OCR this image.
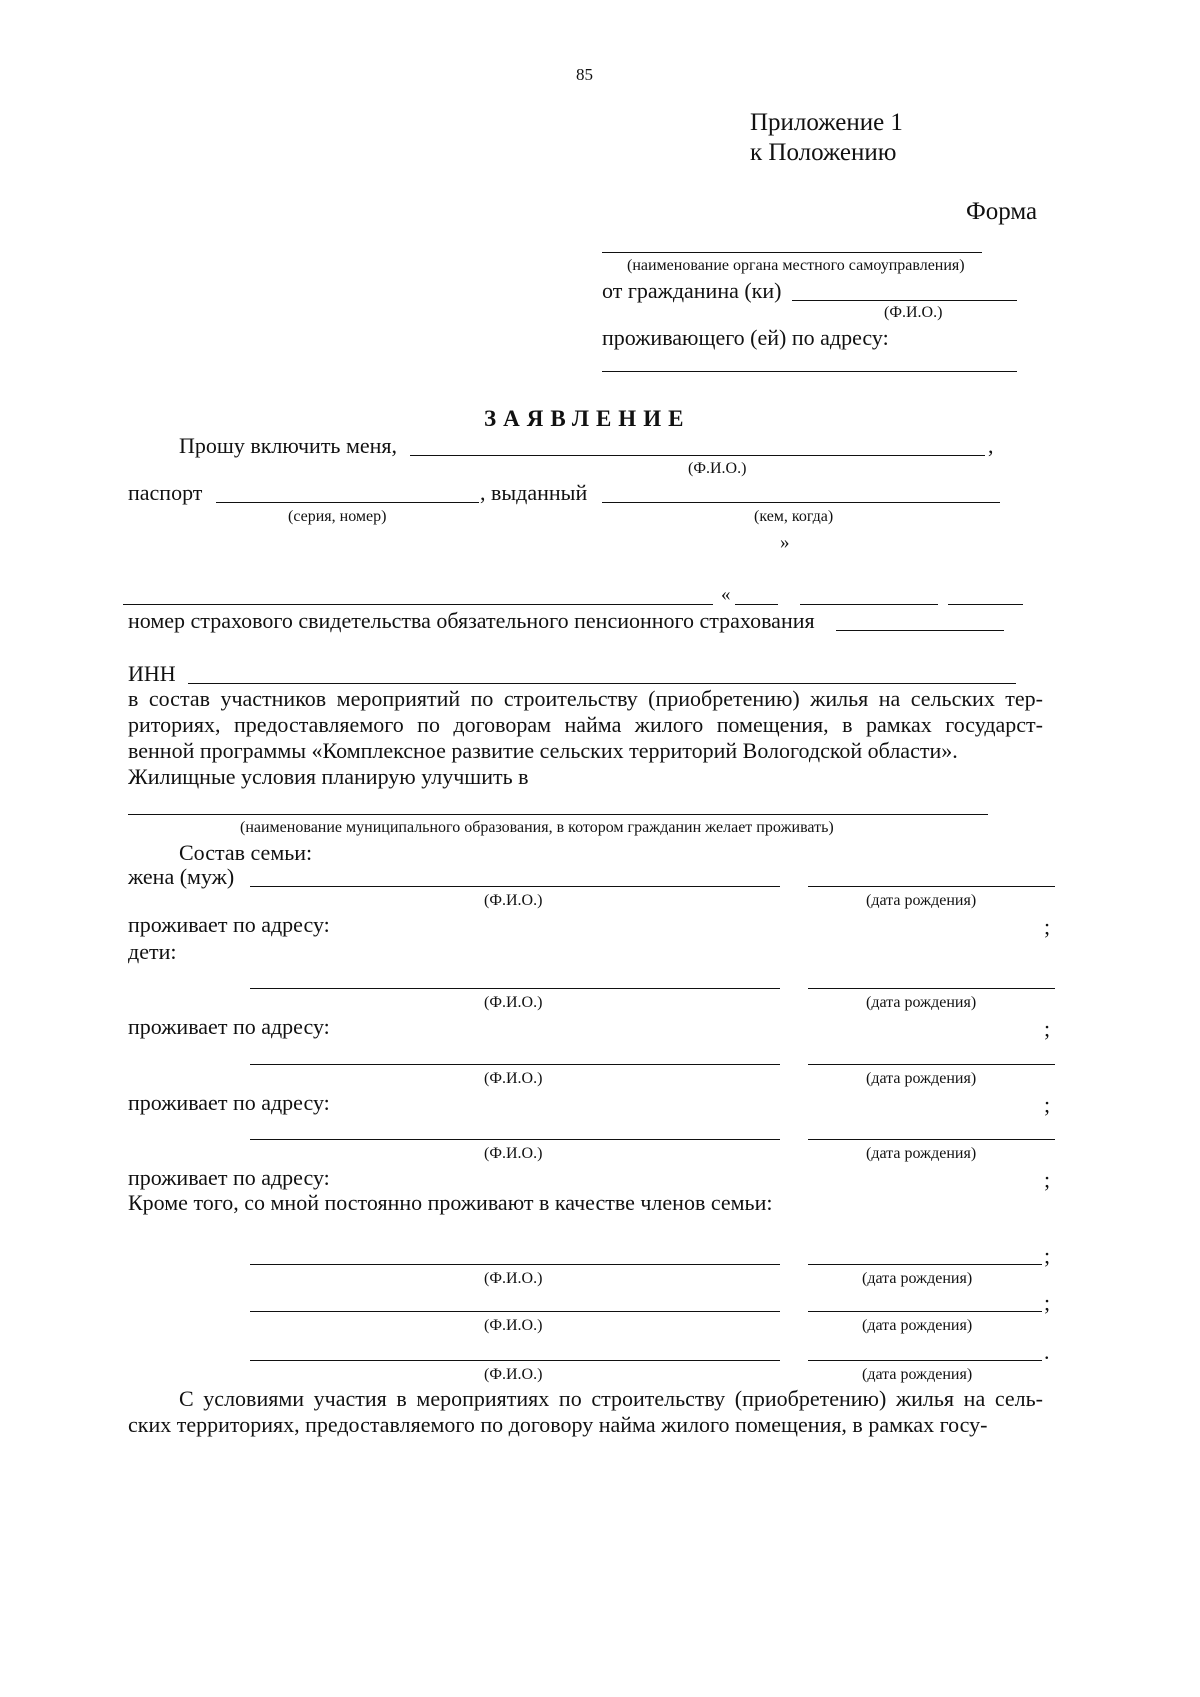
85
Приложение 1
к Положению
Форма
(наименование органа местного самоуправления)
от гражданина (ки)
(Ф.И.О.)
проживающего (ей) по адресу:
ЗАЯВЛЕНИЕ
Прошу включить меня,	,
(Ф.И.О.)
паспорт	, выданный
(серия, номер)	(кем, когда)
»
«
номер страхового свидетельства обязательного пенсионного страхования
ИНН
в состав участников мероприятий по строительству (приобретению) жилья на сельских тер- риториях, предоставляемого по договорам найма жилого помещения, в рамках государст- венной программы «Комплексное развитие сельских территорий Вологодской области».
Жилищные условия планирую улучшить в
(наименование муниципального образования, в котором гражданин желает проживать)
Состав семьи:
жена (муж)
(Ф.И.О.)	(дата рождения)
проживает по адресу:	;
дети:
(Ф.И.О.)	(дата рождения)
проживает по адресу:	;
(Ф.И.О.)	(дата рождения)
проживает по адресу:	;
(Ф.И.О.)	(дата рождения)
проживает по адресу:	;
Кроме того, со мной постоянно проживают в качестве членов семьи:
;
(Ф.И.О.)	(дата рождения)
;
(Ф.И.О.)	(дата рождения)
.
(Ф.И.О.)	(дата рождения)
С условиями участия в мероприятиях по строительству (приобретению) жилья на сель- ских территориях, предоставляемого по договору найма жилого помещения, в рамках госу-
